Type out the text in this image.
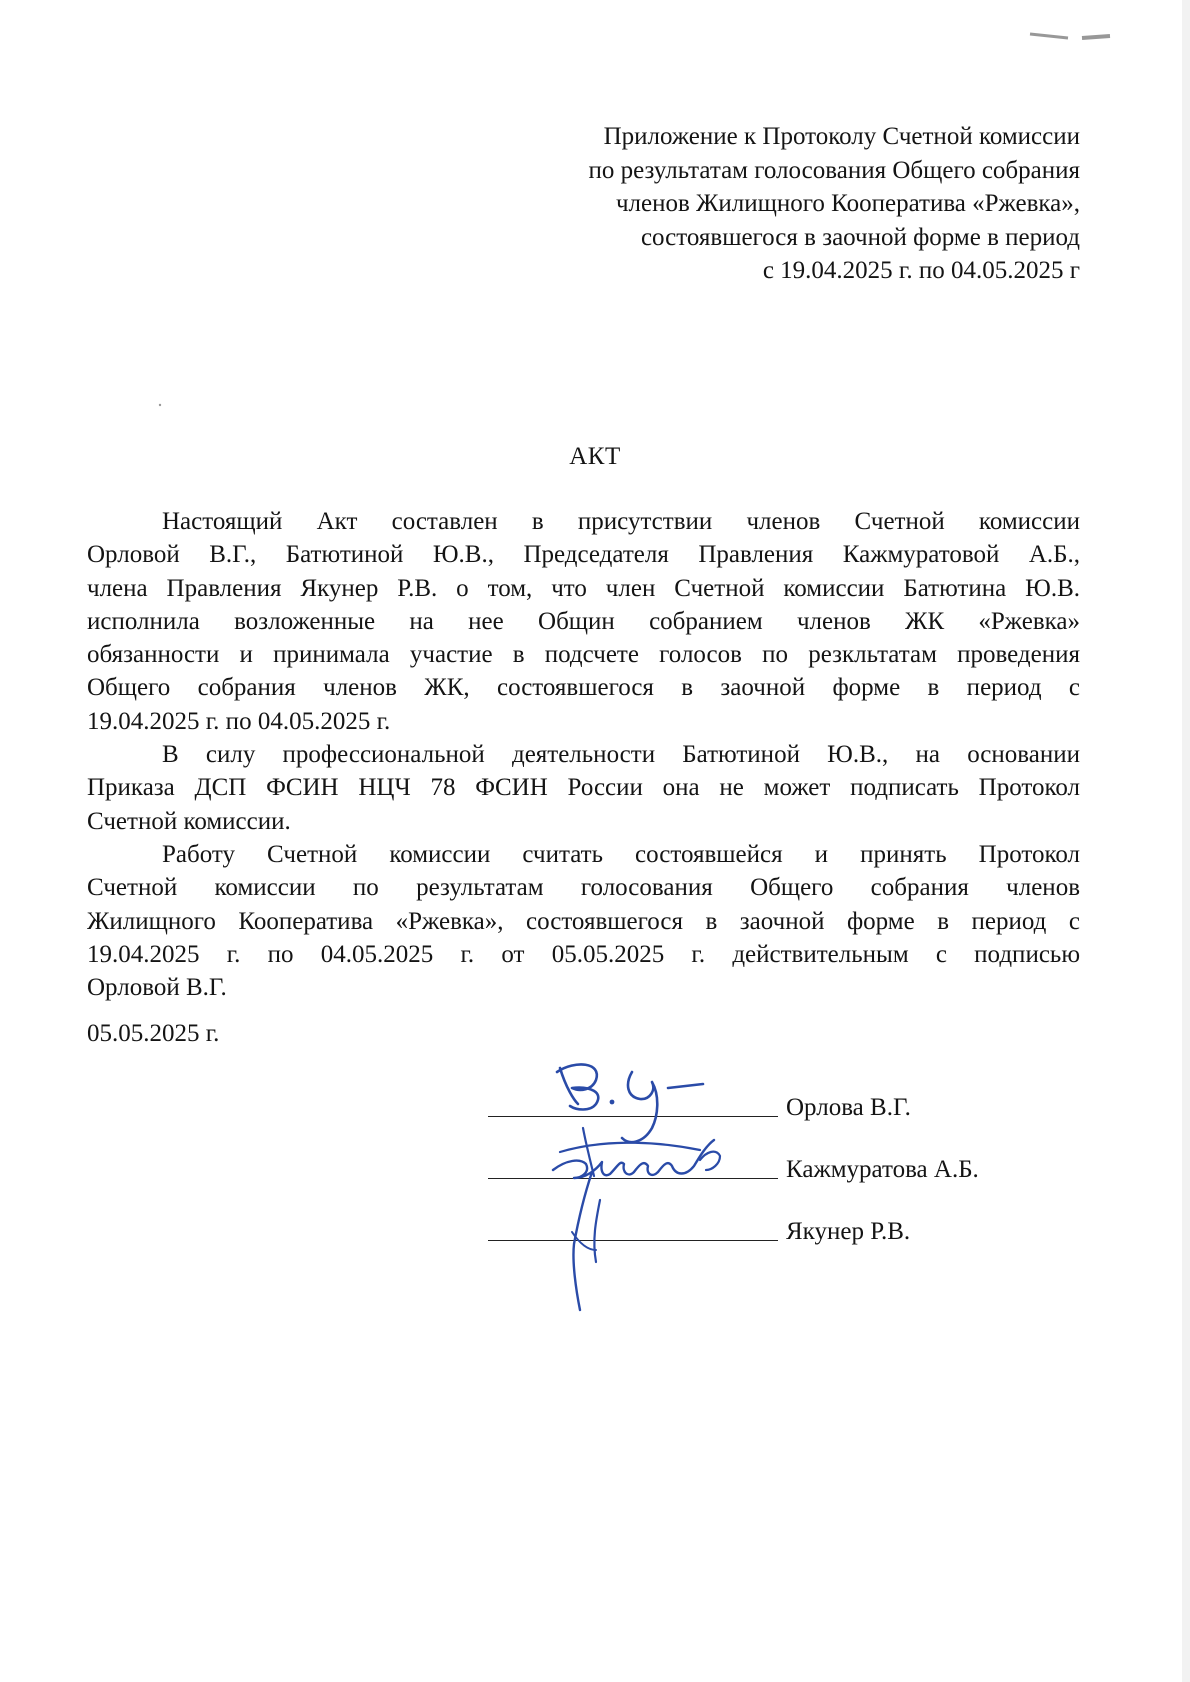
Приложение к Протоколу Счетной комиссии
по результатам голосования Общего собрания
членов Жилищного Кооператива «Ржевка»,
состоявшегося в заочной форме в период
с 19.04.2025 г. по 04.05.2025 г
АКТ

Настоящий Акт составлен в присутствии членов Счетной комиссии
Орловой В.Г., Батютиной Ю.В., Председателя Правления Кажмуратовой А.Б.,
члена Правления Якунер Р.В. о том, что член Счетной комиссии Батютина Ю.В.
исполнила возложенные на нее Общин собранием членов ЖК «Ржевка»
обязанности и принимала участие в подсчете голосов по резкльтатам проведения
Общего собрания членов ЖК, состоявшегося в заочной форме в период с
19.04.2025 г. по 04.05.2025 г.

В силу профессиональной деятельности Батютиной Ю.В., на основании
Приказа ДСП ФСИН НЦЧ 78 ФСИН России она не может подписать Протокол
Счетной комиссии.

Работу Счетной комиссии считать состоявшейся и принять Протокол
Счетной комиссии по результатам голосования Общего собрания членов
Жилищного Кооператива «Ржевка», состоявшегося в заочной форме в период с
19.04.2025 г. по 04.05.2025 г. от 05.05.2025 г. действительным с подписью
Орловой В.Г.

05.05.2025 г.
Орлова В.Г.
Кажмуратова А.Б.
Якунер Р.В.
